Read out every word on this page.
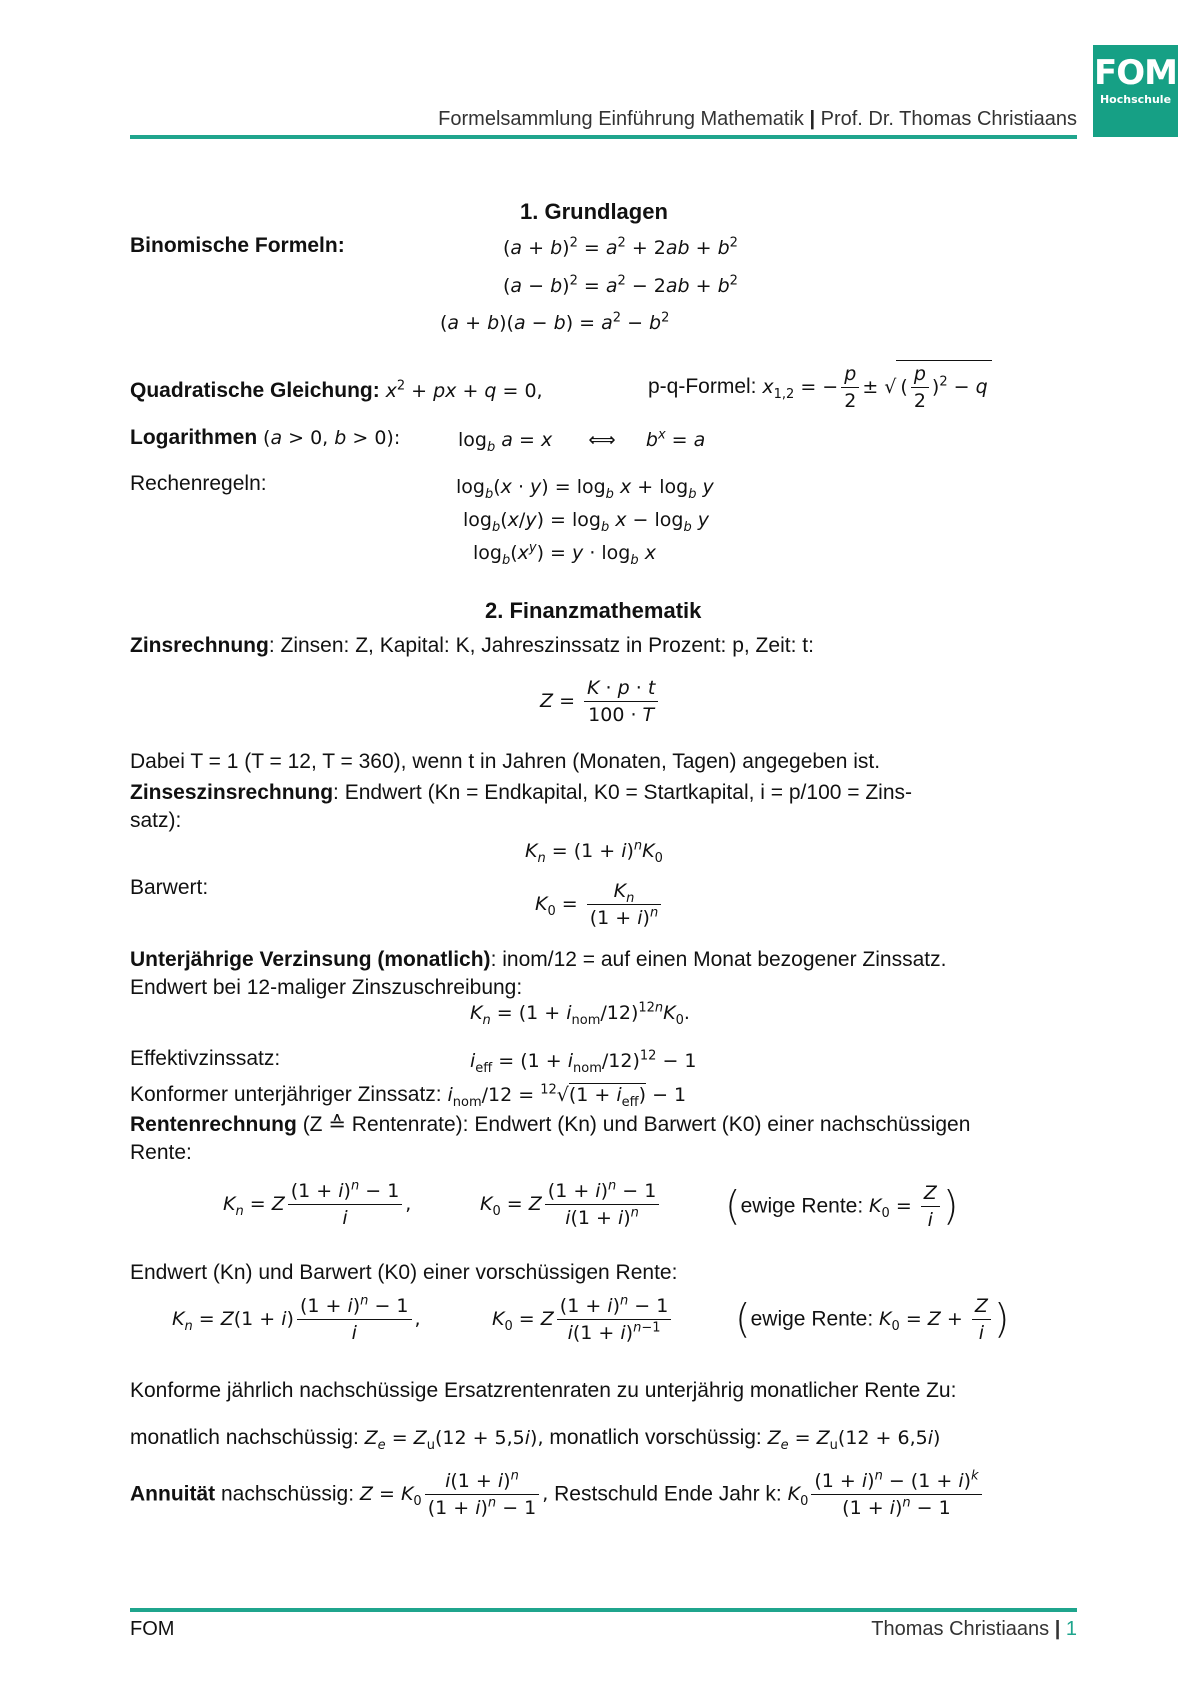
FOM
Hochschule
Formelsammlung Einführung Mathematik | Prof. Dr. Thomas Christiaans
1. Grundlagen
Binomische Formeln:	$(a + b)^2 = a^2 + 2ab + b^2$
$(a - b)^2 = a^2 - 2ab + b^2$
$(a + b)(a - b) = a^2 - b^2$
Quadratische Gleichung: $x^2$ + px + q = 0,	p-q-Formel: $x_{1,2}$ = − $\frac{p}{2}$ ± √ ( $\frac{p}{2} )^2 - q$
Logarithmen (a > 0, b > 0):	$\log_b a = x$      ⟺     $b^x = a$
Rechenregeln:	$\log_b(x \cdot y) = \log_b x + \log_b y$
$\log_b(x/y) = \log_b x - \log_b y$
$\log_b(x^y) = y \cdot \log_b x$
2. Finanzmathematik
Zinsrechnung: Zinsen: Z, Kapital: K, Jahreszinssatz in Prozent: p, Zeit: t:
$Z = \frac{K \cdot p \cdot t}{100 \cdot T}$
Dabei T = 1 (T = 12, T = 360), wenn t in Jahren (Monaten, Tagen) angegeben ist.
Zinseszinsrechnung: Endwert (Kn = Endkapital, K0 = Startkapital, i = p/100 = Zins-
satz):
$K_n = (1 + i)^nK_0$
Barwert:
$K_0 = \frac{K_n}{(1 + i)^n}$
Unterjährige Verzinsung (monatlich): inom/12 = auf einen Monat bezogener Zinssatz.
Endwert bei 12-maliger Zinszuschreibung:
$K_n = (1 + i_{nom}/12)^{12n}K_0$.
Effektivzinssatz:	$i_{eff} = (1 + i_{nom}/12)^{12} - 1$
Konformer unterjähriger Zinssatz: $i_{nom}/12 = ^{12}√(1 + i_{eff}) - 1$
Rentenrechnung (Z ≙ Rentenrate): Endwert (Kn) und Barwert (K0) einer nachschüssigen
Rente:
$K_n = Z \frac{(1 + i)^n - 1}{i}$ ,	$K_0 = Z \frac{(1 + i)^n - 1}{i(1 + i)^n}$ (ewige Rente: $K_0 = \frac{Z}{i}$ )
Endwert (Kn) und Barwert (K0) einer vorschüssigen Rente:
$K_n = Z(1 + i) \frac{(1 + i)^n - 1}{i}$ ,	$K_0 = Z \frac{(1 + i)^n - 1}{i(1 + i)^{n-1}}$ (ewige Rente: $K_0 = Z + \frac{Z}{i}$ )
Konforme jährlich nachschüssige Ersatzrentenraten zu unterjährig monatlicher Rente Zu:
monatlich nachschüssig: $Z_e = Z_u(12 + 5,5i)$, monatlich vorschüssig: $Z_e = Z_u(12 + 6,5i)$
Annuität nachschüssig: $Z = K_0 \frac{i(1 + i)^n}{(1 + i)^n - 1}$ , Restschuld Ende Jahr k: $K_0 \frac{(1 + i)^n - (1 + i)^k}{(1 + i)^n - 1}$
FOM	Thomas Christiaans | 1
